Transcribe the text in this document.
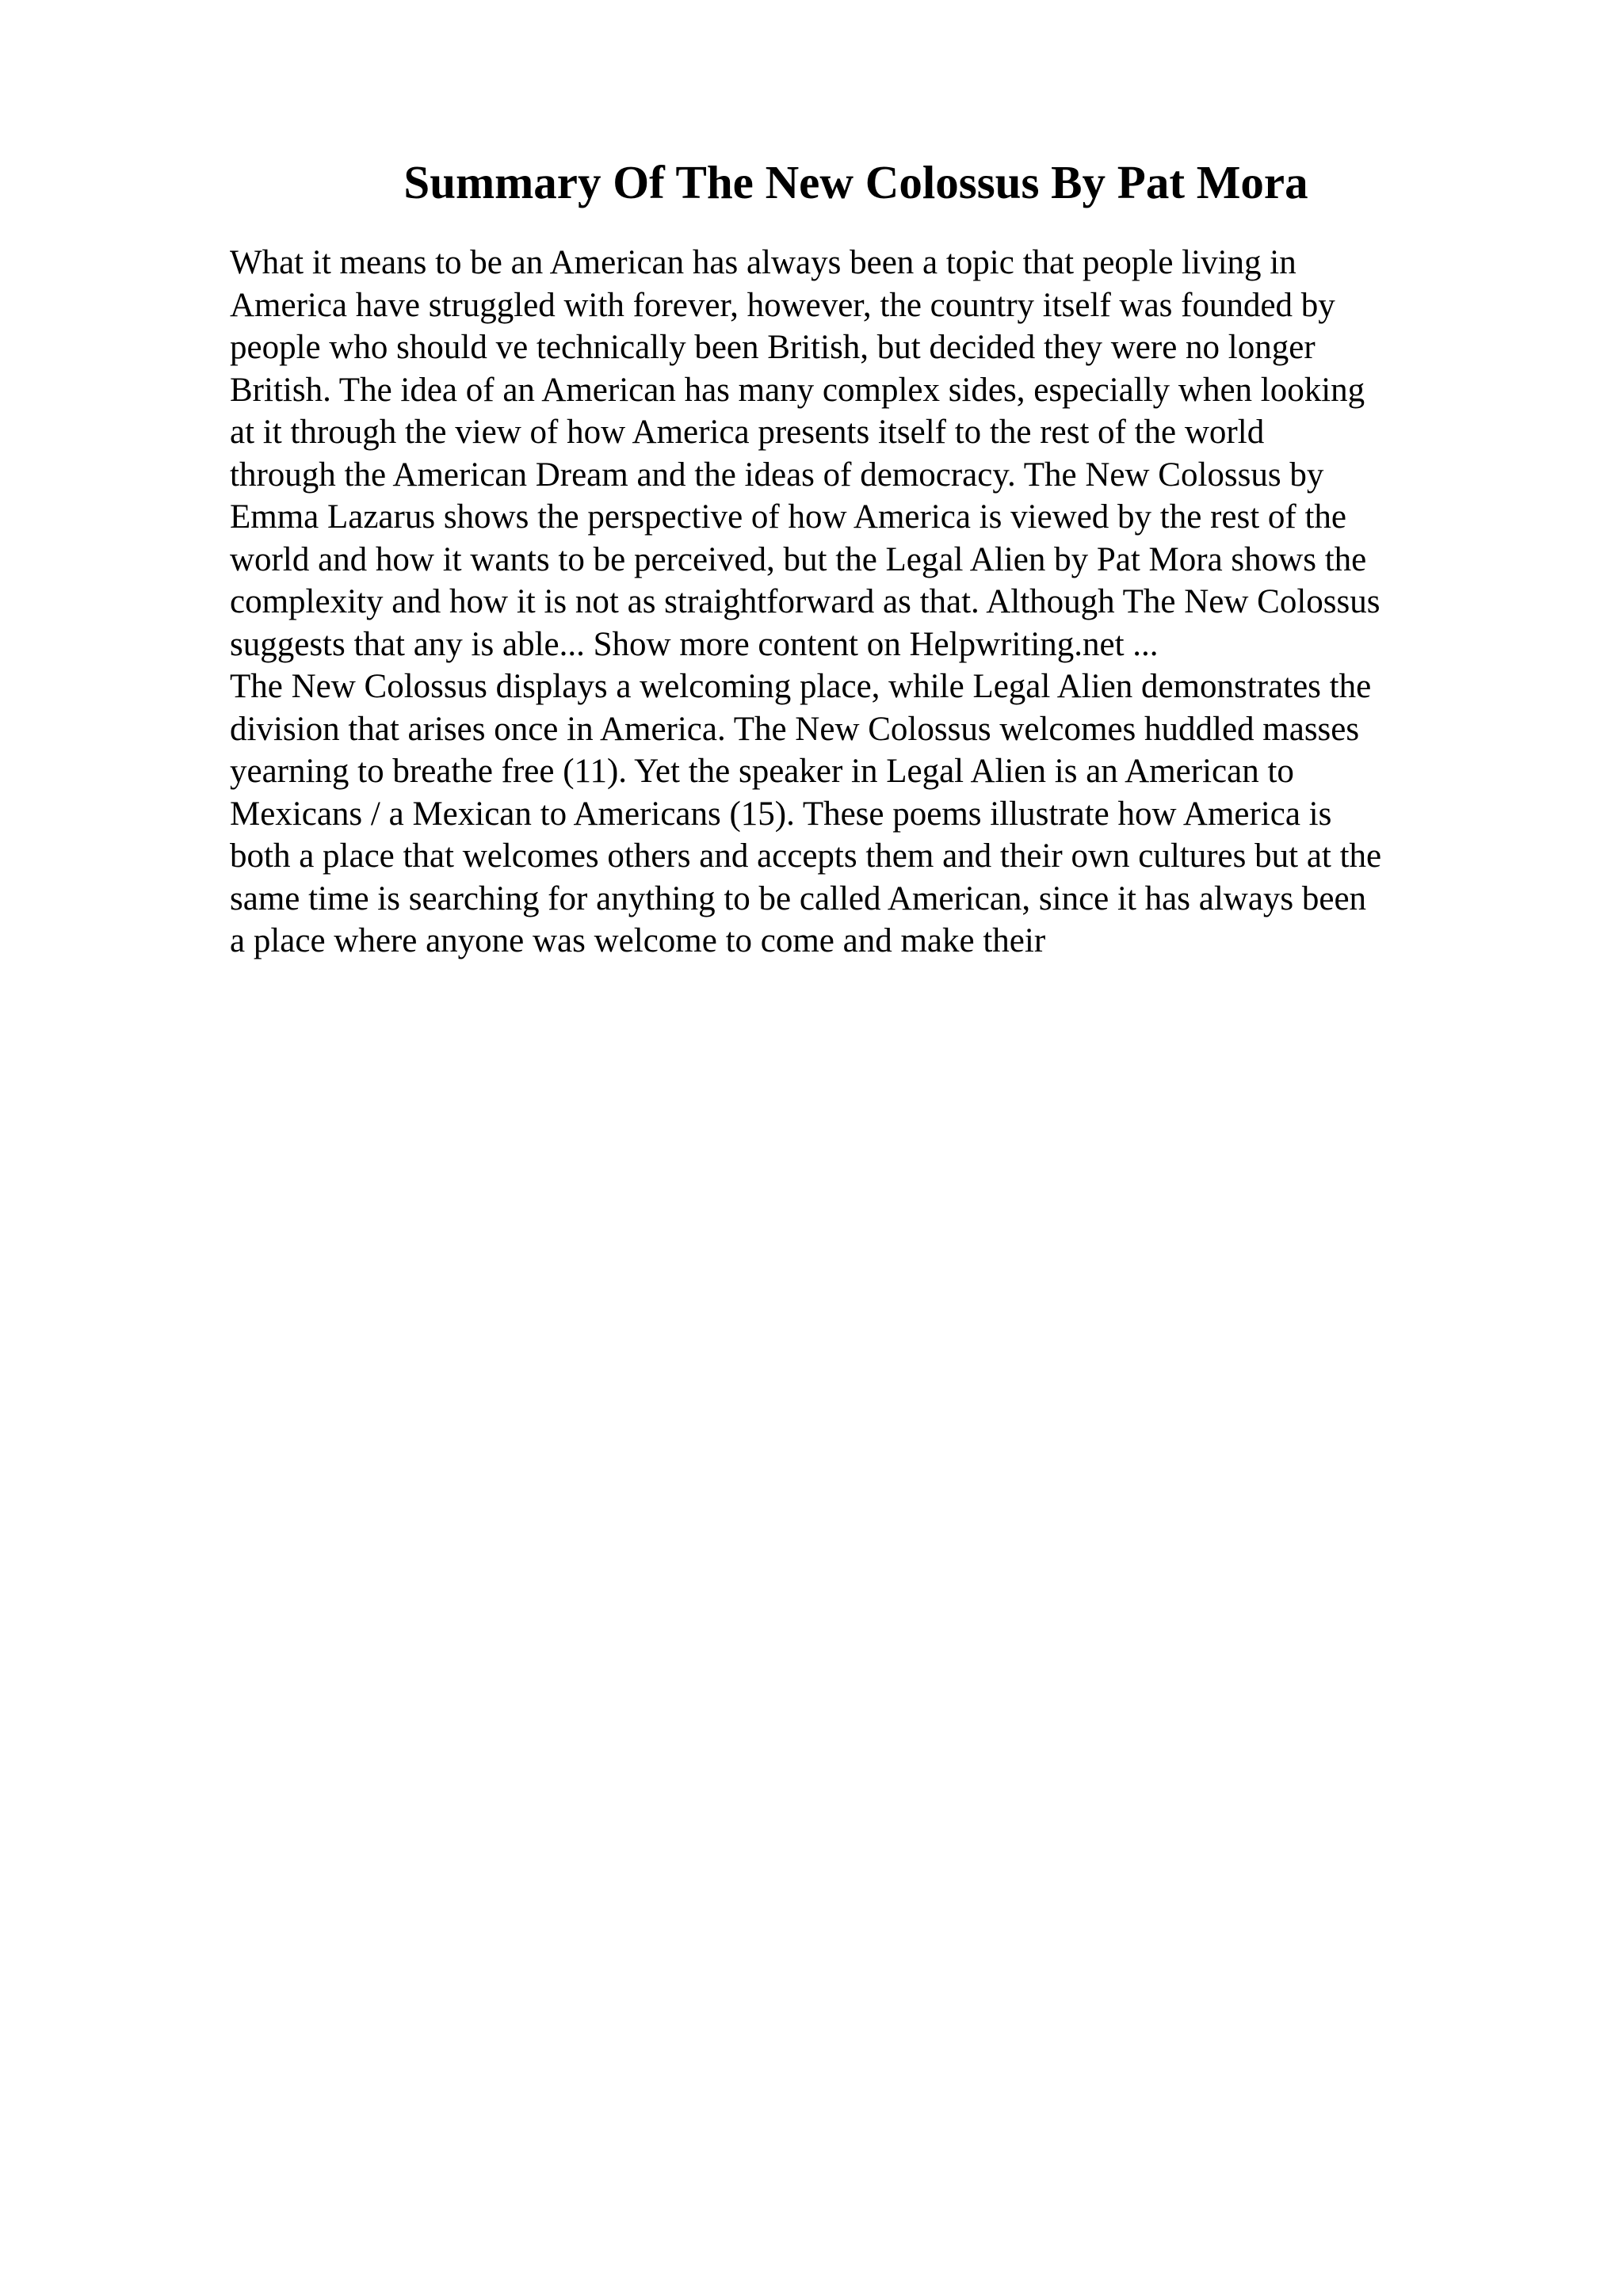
Summary Of The New Colossus By Pat Mora
What it means to be an American has always been a topic that people living in
America have struggled with forever, however, the country itself was founded by
people who should ve technically been British, but decided they were no longer
British. The idea of an American has many complex sides, especially when looking
at it through the view of how America presents itself to the rest of the world
through the American Dream and the ideas of democracy. The New Colossus by
Emma Lazarus shows the perspective of how America is viewed by the rest of the
world and how it wants to be perceived, but the Legal Alien by Pat Mora shows the
complexity and how it is not as straightforward as that. Although The New Colossus
suggests that any is able... Show more content on Helpwriting.net ...
The New Colossus displays a welcoming place, while Legal Alien demonstrates the
division that arises once in America. The New Colossus welcomes huddled masses
yearning to breathe free (11). Yet the speaker in Legal Alien is an American to
Mexicans / a Mexican to Americans (15). These poems illustrate how America is
both a place that welcomes others and accepts them and their own cultures but at the
same time is searching for anything to be called American, since it has always been
a place where anyone was welcome to come and make their
